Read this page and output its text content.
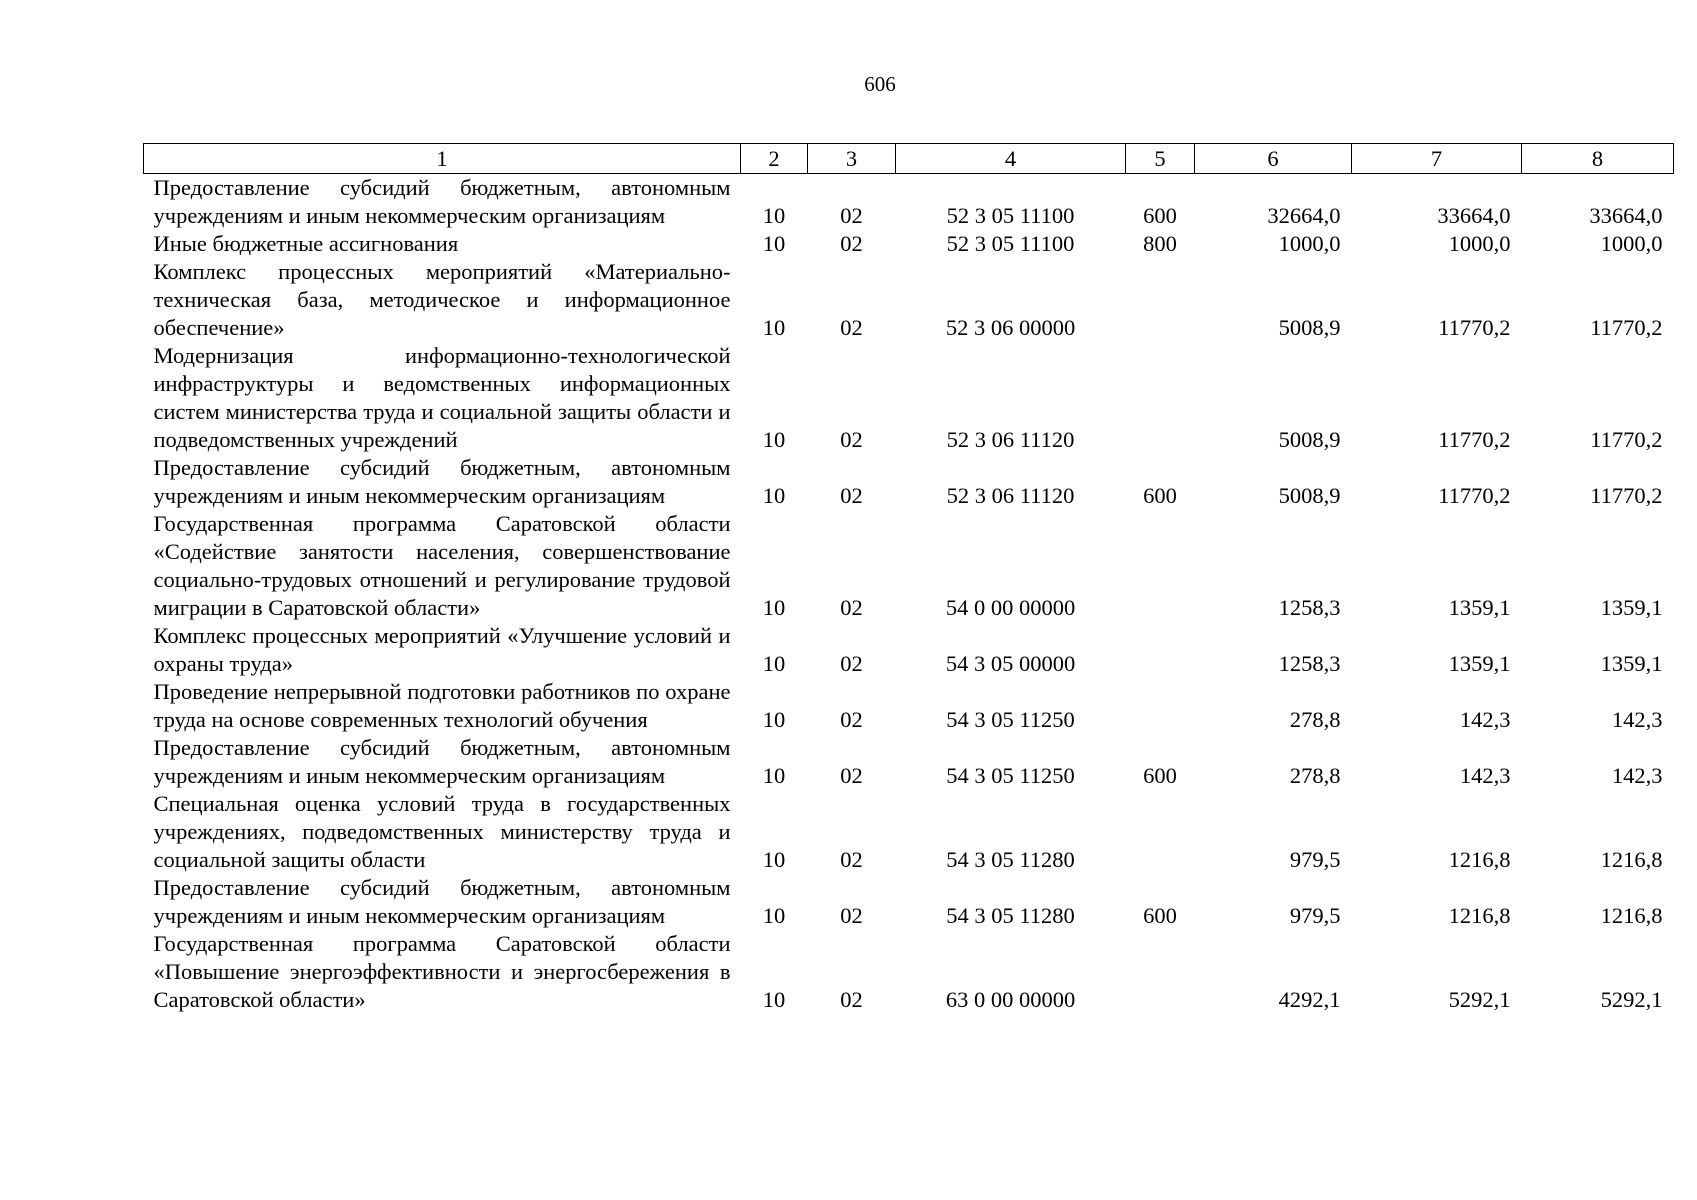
606
1	2	3	4	5	6	7	8
Предоставление субсидий бюджетным, автономным учреждениям и иным некоммерческим организациям	10	02	52 3 05 11100	600	32664,0	33664,0	33664,0
Иные бюджетные ассигнования	10	02	52 3 05 11100	800	1000,0	1000,0	1000,0
Комплекс процессных мероприятий «Материально-техническая база, методическое и информационное обеспечение»	10	02	52 3 06 00000		5008,9	11770,2	11770,2
Модернизация информационно-технологической инфраструктуры и ведомственных информационных систем министерства труда и социальной защиты области и подведомственных учреждений	10	02	52 3 06 11120		5008,9	11770,2	11770,2
Предоставление субсидий бюджетным, автономным учреждениям и иным некоммерческим организациям	10	02	52 3 06 11120	600	5008,9	11770,2	11770,2
Государственная программа Саратовской области «Содействие занятости населения, совершенствование социально-трудовых отношений и регулирование трудовой миграции в Саратовской области»	10	02	54 0 00 00000		1258,3	1359,1	1359,1
Комплекс процессных мероприятий «Улучшение условий и охраны труда»	10	02	54 3 05 00000		1258,3	1359,1	1359,1
Проведение непрерывной подготовки работников по охране труда на основе современных технологий обучения	10	02	54 3 05 11250		278,8	142,3	142,3
Предоставление субсидий бюджетным, автономным учреждениям и иным некоммерческим организациям	10	02	54 3 05 11250	600	278,8	142,3	142,3
Специальная оценка условий труда в государственных учреждениях, подведомственных министерству труда и социальной защиты области	10	02	54 3 05 11280		979,5	1216,8	1216,8
Предоставление субсидий бюджетным, автономным учреждениям и иным некоммерческим организациям	10	02	54 3 05 11280	600	979,5	1216,8	1216,8
Государственная программа Саратовской области «Повышение энергоэффективности и энергосбережения в Саратовской области»	10	02	63 0 00 00000		4292,1	5292,1	5292,1
